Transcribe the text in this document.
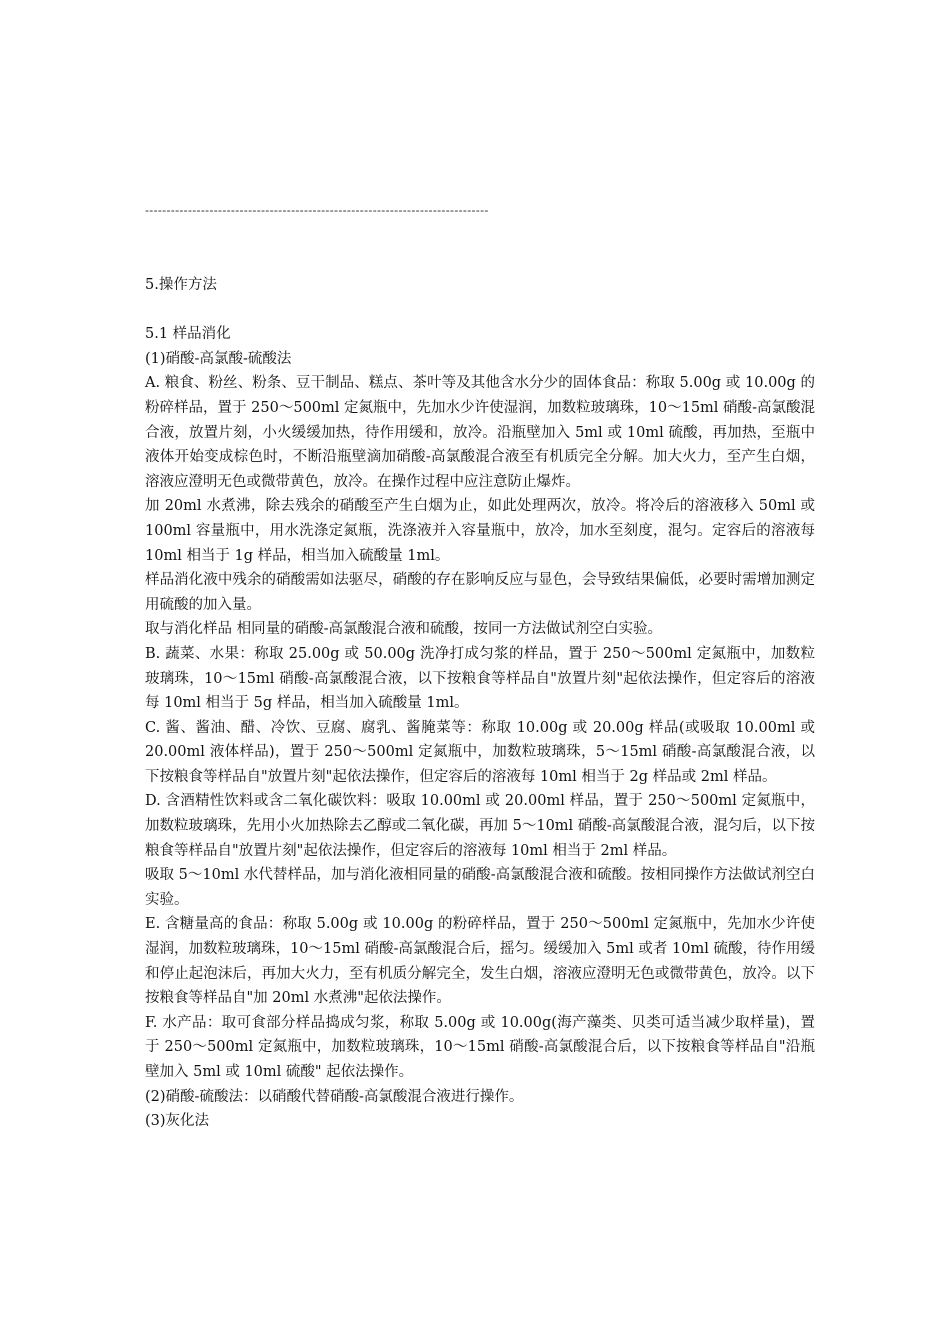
--------------------------------------------------------------------------------

5.操作方法

5.1 样品消化

(1)硝酸-高氯酸-硫酸法

A. 粮食、粉丝、粉条、豆干制品、糕点、茶叶等及其他含水分少的固体食品：称取 5.00g 或 10.00g 的粉碎样品，置于 250～500ml 定氮瓶中，先加水少许使湿润，加数粒玻璃珠，10～15ml 硝酸-高氯酸混合液，放置片刻，小火缓缓加热，待作用缓和，放冷。沿瓶壁加入 5ml 或 10ml 硫酸，再加热，至瓶中液体开始变成棕色时，不断沿瓶壁滴加硝酸-高氯酸混合液至有机质完全分解。加大火力，至产生白烟，溶液应澄明无色或微带黄色，放冷。在操作过程中应注意防止爆炸。

加 20ml 水煮沸，除去残余的硝酸至产生白烟为止，如此处理两次，放冷。将冷后的溶液移入 50ml 或 100ml 容量瓶中，用水洗涤定氮瓶，洗涤液并入容量瓶中，放冷，加水至刻度，混匀。定容后的溶液每 10ml 相当于 1g 样品，相当加入硫酸量 1ml。

样品消化液中残余的硝酸需如法驱尽，硝酸的存在影响反应与显色，会导致结果偏低，必要时需增加测定用硫酸的加入量。

取与消化样品 相同量的硝酸-高氯酸混合液和硫酸，按同一方法做试剂空白实验。

B. 蔬菜、水果：称取 25.00g 或 50.00g 洗净打成匀浆的样品，置于 250～500ml 定氮瓶中，加数粒玻璃珠，10～15ml 硝酸-高氯酸混合液，以下按粮食等样品自"放置片刻"起依法操作，但定容后的溶液每 10ml 相当于 5g 样品，相当加入硫酸量 1ml。

C. 酱、酱油、醋、冷饮、豆腐、腐乳、酱腌菜等：称取 10.00g 或 20.00g 样品(或吸取 10.00ml 或 20.00ml 液体样品)，置于 250～500ml 定氮瓶中，加数粒玻璃珠，5～15ml 硝酸-高氯酸混合液，以下按粮食等样品自"放置片刻"起依法操作，但定容后的溶液每 10ml 相当于 2g 样品或 2ml 样品。

D. 含酒精性饮料或含二氧化碳饮料：吸取 10.00ml 或 20.00ml 样品，置于 250～500ml 定氮瓶中，加数粒玻璃珠，先用小火加热除去乙醇或二氧化碳，再加 5～10ml 硝酸-高氯酸混合液，混匀后，以下按粮食等样品自"放置片刻"起依法操作，但定容后的溶液每 10ml 相当于 2ml 样品。

吸取 5～10ml 水代替样品，加与消化液相同量的硝酸-高氯酸混合液和硫酸。按相同操作方法做试剂空白实验。

E. 含糖量高的食品：称取 5.00g 或 10.00g 的粉碎样品，置于 250～500ml 定氮瓶中，先加水少许使湿润，加数粒玻璃珠，10～15ml 硝酸-高氯酸混合后，摇匀。缓缓加入 5ml 或者 10ml 硫酸，待作用缓和停止起泡沫后，再加大火力，至有机质分解完全，发生白烟，溶液应澄明无色或微带黄色，放冷。以下按粮食等样品自"加 20ml 水煮沸"起依法操作。

F. 水产品：取可食部分样品捣成匀浆，称取 5.00g 或 10.00g(海产藻类、贝类可适当减少取样量)，置于 250～500ml 定氮瓶中，加数粒玻璃珠，10～15ml 硝酸-高氯酸混合后，以下按粮食等样品自"沿瓶壁加入 5ml 或 10ml 硫酸" 起依法操作。

(2)硝酸-硫酸法：以硝酸代替硝酸-高氯酸混合液进行操作。

(3)灰化法
